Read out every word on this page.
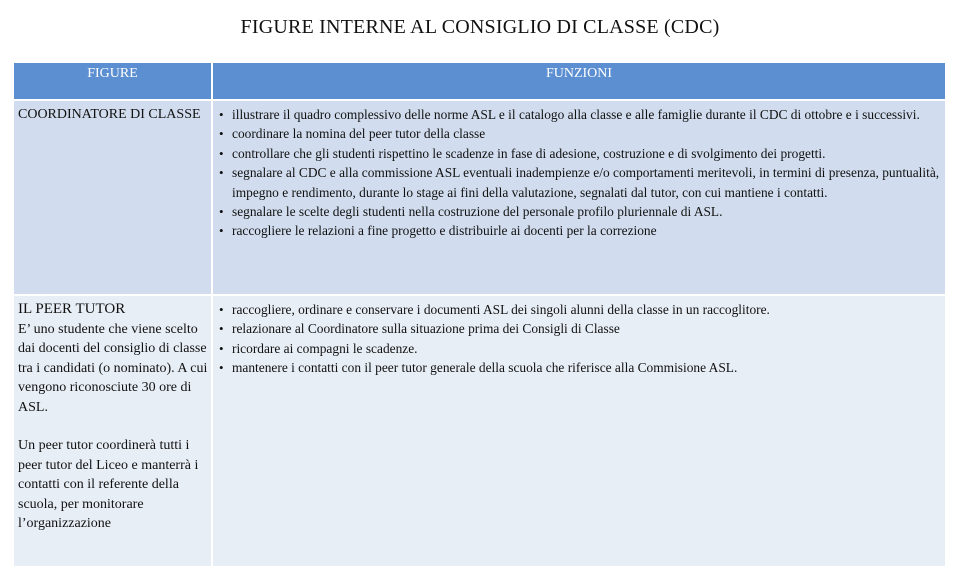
FIGURE INTERNE AL CONSIGLIO DI CLASSE (CDC)
FIGURE	FUNZIONI
COORDINATORE DI CLASSE
•	illustrare il quadro complessivo delle norme ASL e il catalogo alla classe e alle famiglie durante il CDC di ottobre e i successivi.
• coordinare la nomina del peer tutor della classe
• controllare che gli studenti rispettino le scadenze in fase di adesione, costruzione e di svolgimento dei progetti.
• segnalare al CDC e alla commissione ASL eventuali inadempienze e/o comportamenti meritevoli, in termini di presenza, puntualità, impegno e rendimento, durante lo stage ai fini della valutazione, segnalati dal tutor, con cui mantiene i contatti.
• segnalare le scelte degli studenti nella costruzione del personale profilo pluriennale di ASL.
• raccogliere le relazioni a fine progetto e distribuirle ai docenti per la correzione
IL PEER TUTOR
E’ uno studente che viene scelto dai docenti del consiglio di classe tra i candidati (o nominato). A cui vengono riconosciute 30 ore di ASL.
Un peer tutor coordinerà tutti i peer tutor del Liceo e manterrà i contatti con il referente della scuola, per monitorare l’organizzazione
• raccogliere, ordinare e conservare i documenti ASL dei singoli alunni della classe in un raccoglitore.
• relazionare al Coordinatore sulla situazione prima dei Consigli di Classe
• ricordare ai compagni le scadenze.
• mantenere i contatti con il peer tutor generale della scuola che riferisce alla Commisione ASL.
